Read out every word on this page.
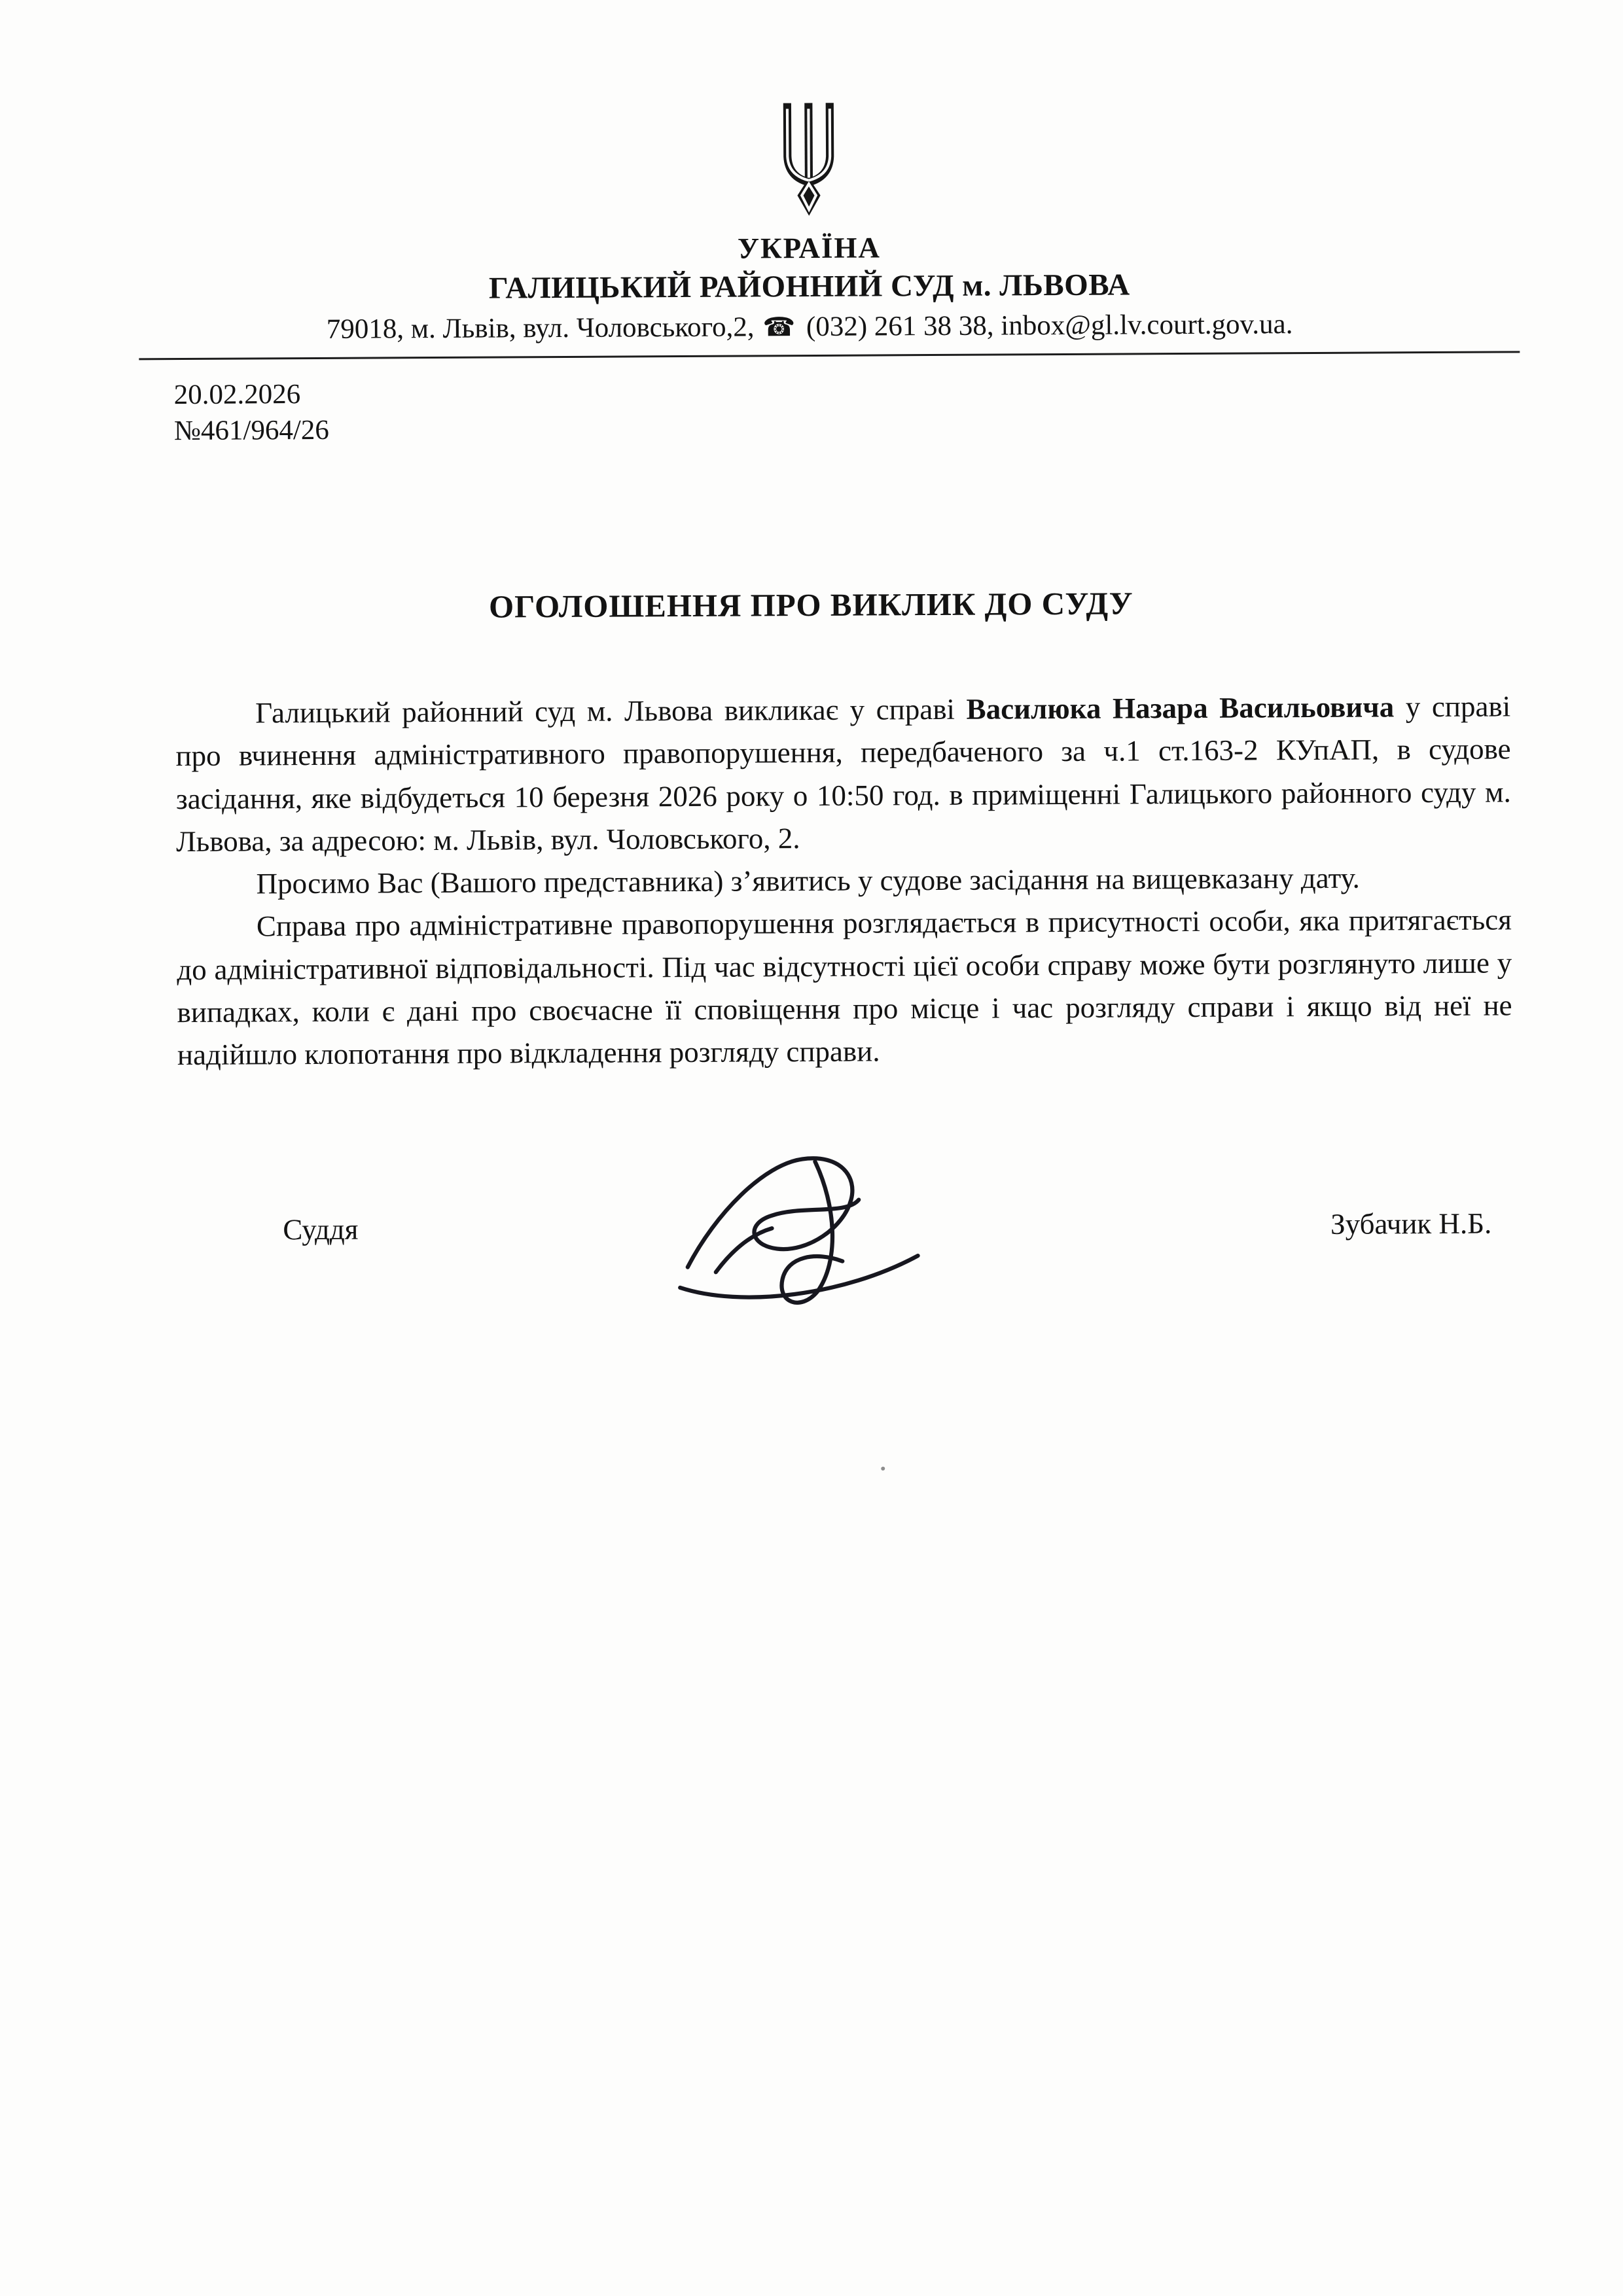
УКРАЇНА
ГАЛИЦЬКИЙ РАЙОННИЙ СУД м. ЛЬВОВА
79018, м. Львів, вул. Чоловського,2, ☎ (032) 261 38 38, inbox@gl.lv.court.gov.ua.
20.02.2026
№461/964/26
ОГОЛОШЕННЯ ПРО ВИКЛИК ДО СУДУ

Галицький районний суд м. Львова викликає у справі Василюка Назара Васильовича у справі про вчинення адміністративного правопорушення, передбаченого за ч.1 ст.163-2 КУпАП, в судове засідання, яке відбудеться 10 березня 2026 року о 10:50 год. в приміщенні Галицького районного суду м. Львова, за адресою: м. Львів, вул. Чоловського, 2.

Просимо Вас (Вашого представника) з’явитись у судове засідання на вищевказану дату.

Справа про адміністративне правопорушення розглядається в присутності особи, яка притягається до адміністративної відповідальності. Під час відсутності цієї особи справу може бути розглянуто лише у випадках, коли є дані про своєчасне її сповіщення про місце і час розгляду справи і якщо від неї не надійшло клопотання про відкладення розгляду справи.

Суддя	Зубачик Н.Б.
